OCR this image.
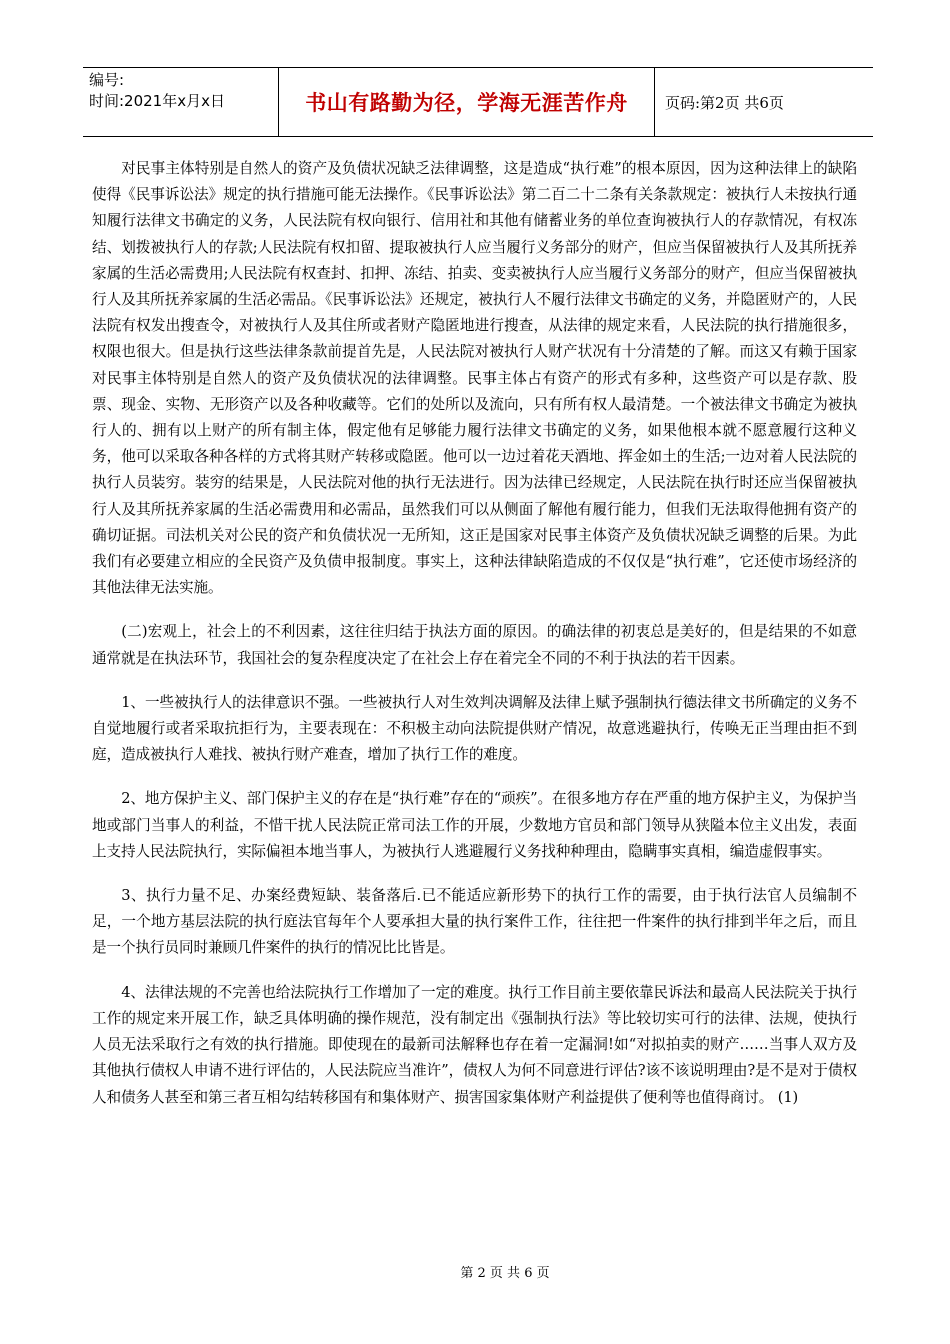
编号:
时间:2021年x月x日	书山有路勤为径，学海无涯苦作舟	页码:第2页 共6页

对民事主体特别是自然人的资产及负债状况缺乏法律调整，这是造成“执行难”的根本原因，因为这种法律上的缺陷使得《民事诉讼法》规定的执行措施可能无法操作。《民事诉讼法》第二百二十二条有关条款规定：被执行人未按执行通知履行法律文书确定的义务，人民法院有权向银行、信用社和其他有储蓄业务的单位查询被执行人的存款情况，有权冻结、划拨被执行人的存款;人民法院有权扣留、提取被执行人应当履行义务部分的财产，但应当保留被执行人及其所抚养家属的生活必需费用;人民法院有权查封、扣押、冻结、拍卖、变卖被执行人应当履行义务部分的财产，但应当保留被执行人及其所抚养家属的生活必需品。《民事诉讼法》还规定，被执行人不履行法律文书确定的义务，并隐匿财产的，人民法院有权发出搜查令，对被执行人及其住所或者财产隐匿地进行搜查，从法律的规定来看，人民法院的执行措施很多，权限也很大。但是执行这些法律条款前提首先是，人民法院对被执行人财产状况有十分清楚的了解。而这又有赖于国家对民事主体特别是自然人的资产及负债状况的法律调整。民事主体占有资产的形式有多种，这些资产可以是存款、股票、现金、实物、无形资产以及各种收藏等。它们的处所以及流向，只有所有权人最清楚。一个被法律文书确定为被执行人的、拥有以上财产的所有制主体，假定他有足够能力履行法律文书确定的义务，如果他根本就不愿意履行这种义务，他可以采取各种各样的方式将其财产转移或隐匿。他可以一边过着花天酒地、挥金如土的生活;一边对着人民法院的执行人员装穷。装穷的结果是，人民法院对他的执行无法进行。因为法律已经规定，人民法院在执行时还应当保留被执行人及其所抚养家属的生活必需费用和必需品，虽然我们可以从侧面了解他有履行能力，但我们无法取得他拥有资产的确切证据。司法机关对公民的资产和负债状况一无所知，这正是国家对民事主体资产及负债状况缺乏调整的后果。为此我们有必要建立相应的全民资产及负债申报制度。事实上，这种法律缺陷造成的不仅仅是“执行难”，它还使市场经济的其他法律无法实施。

(二)宏观上，社会上的不利因素，这往往归结于执法方面的原因。的确法律的初衷总是美好的，但是结果的不如意通常就是在执法环节，我国社会的复杂程度决定了在社会上存在着完全不同的不利于执法的若干因素。

1、一些被执行人的法律意识不强。一些被执行人对生效判决调解及法律上赋予强制执行德法律文书所确定的义务不自觉地履行或者采取抗拒行为，主要表现在：不积极主动向法院提供财产情况，故意逃避执行，传唤无正当理由拒不到庭，造成被执行人难找、被执行财产难查，增加了执行工作的难度。

2、地方保护主义、部门保护主义的存在是“执行难”存在的“顽疾”。在很多地方存在严重的地方保护主义，为保护当地或部门当事人的利益，不惜干扰人民法院正常司法工作的开展，少数地方官员和部门领导从狭隘本位主义出发，表面上支持人民法院执行，实际偏袒本地当事人，为被执行人逃避履行义务找种种理由，隐瞒事实真相，编造虚假事实。

3、执行力量不足、办案经费短缺、装备落后.已不能适应新形势下的执行工作的需要，由于执行法官人员编制不足，一个地方基层法院的执行庭法官每年个人要承担大量的执行案件工作，往往把一件案件的执行排到半年之后，而且是一个执行员同时兼顾几件案件的执行的情况比比皆是。

4、法律法规的不完善也给法院执行工作增加了一定的难度。执行工作目前主要依靠民诉法和最高人民法院关于执行工作的规定来开展工作，缺乏具体明确的操作规范，没有制定出《强制执行法》等比较切实可行的法律、法规，使执行人员无法采取行之有效的执行措施。即使现在的最新司法解释也存在着一定漏洞!如“对拟拍卖的财产……当事人双方及其他执行债权人申请不进行评估的，人民法院应当准许”，债权人为何不同意进行评估?该不该说明理由?是不是对于债权人和债务人甚至和第三者互相勾结转移国有和集体财产、损害国家集体财产利益提供了便利等也值得商讨。 (1)

第 2 页 共 6 页
